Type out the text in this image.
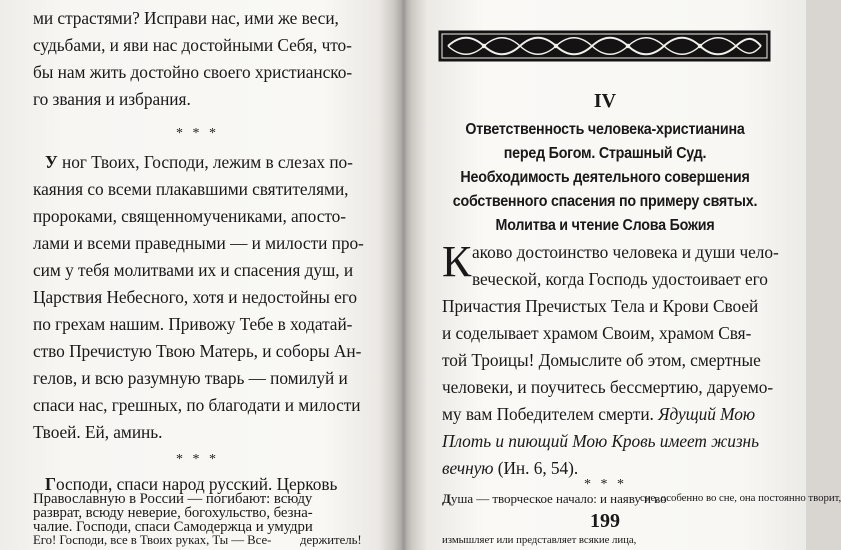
ми страстями? Исправи нас, ими же веси,
судьбами, и яви нас достойными Себя, что-
бы нам жить достойно своего христианско-
го звания и избрания.
* * *
У ног Твоих, Господи, лежим в слезах по-
каяния со всеми плакавшими святителями,
пророками, священномучениками, апосто-
лами и всеми праведными — и милости про-
сим у тебя молитвами их и спасения душ, и
Царствия Небесного, хотя и недостойны его
по грехам нашим. Привожу Тебе в ходатай-
ство Пречистую Твою Матерь, и соборы Ан-
гелов, и всю разумную тварь — помилуй и
спаси нас, грешных, по благодати и милости
Твоей. Ей, аминь.
* * *
Господи, спаси народ русский. Церковь
Православную в России — погибают: всюду
разврат, всюду неверие, богохульство, безна-
чалие. Господи, спаси Самодержца и умудри
Его! Господи, все в Твоих руках, Ты — Все- держитель!
IV
Ответственность человека-христианина
перед Богом. Страшный Суд.
Необходимость деятельного совершения
собственного спасения по примеру святых.
Молитва и чтение Слова Божия
К аково достоинство человека и души чело-
веческой, когда Господь удостоивает его
Причастия Пречистых Тела и Крови Своей
и соделывает храмом Своим, храмом Свя-
той Троицы! Домыслите об этом, смертные
человеки, и поучитесь бессмертию, даруемо-
му вам Победителем смерти. Ядущий Мою
Плоть и пиющий Мою Кровь имеет жизнь
вечную (Ин. 6, 54).
199
* * *
Душа — творческое начало: и наяву и во
сне, особенно во сне, она постоянно творит,
измышляет или представляет всякие лица,
